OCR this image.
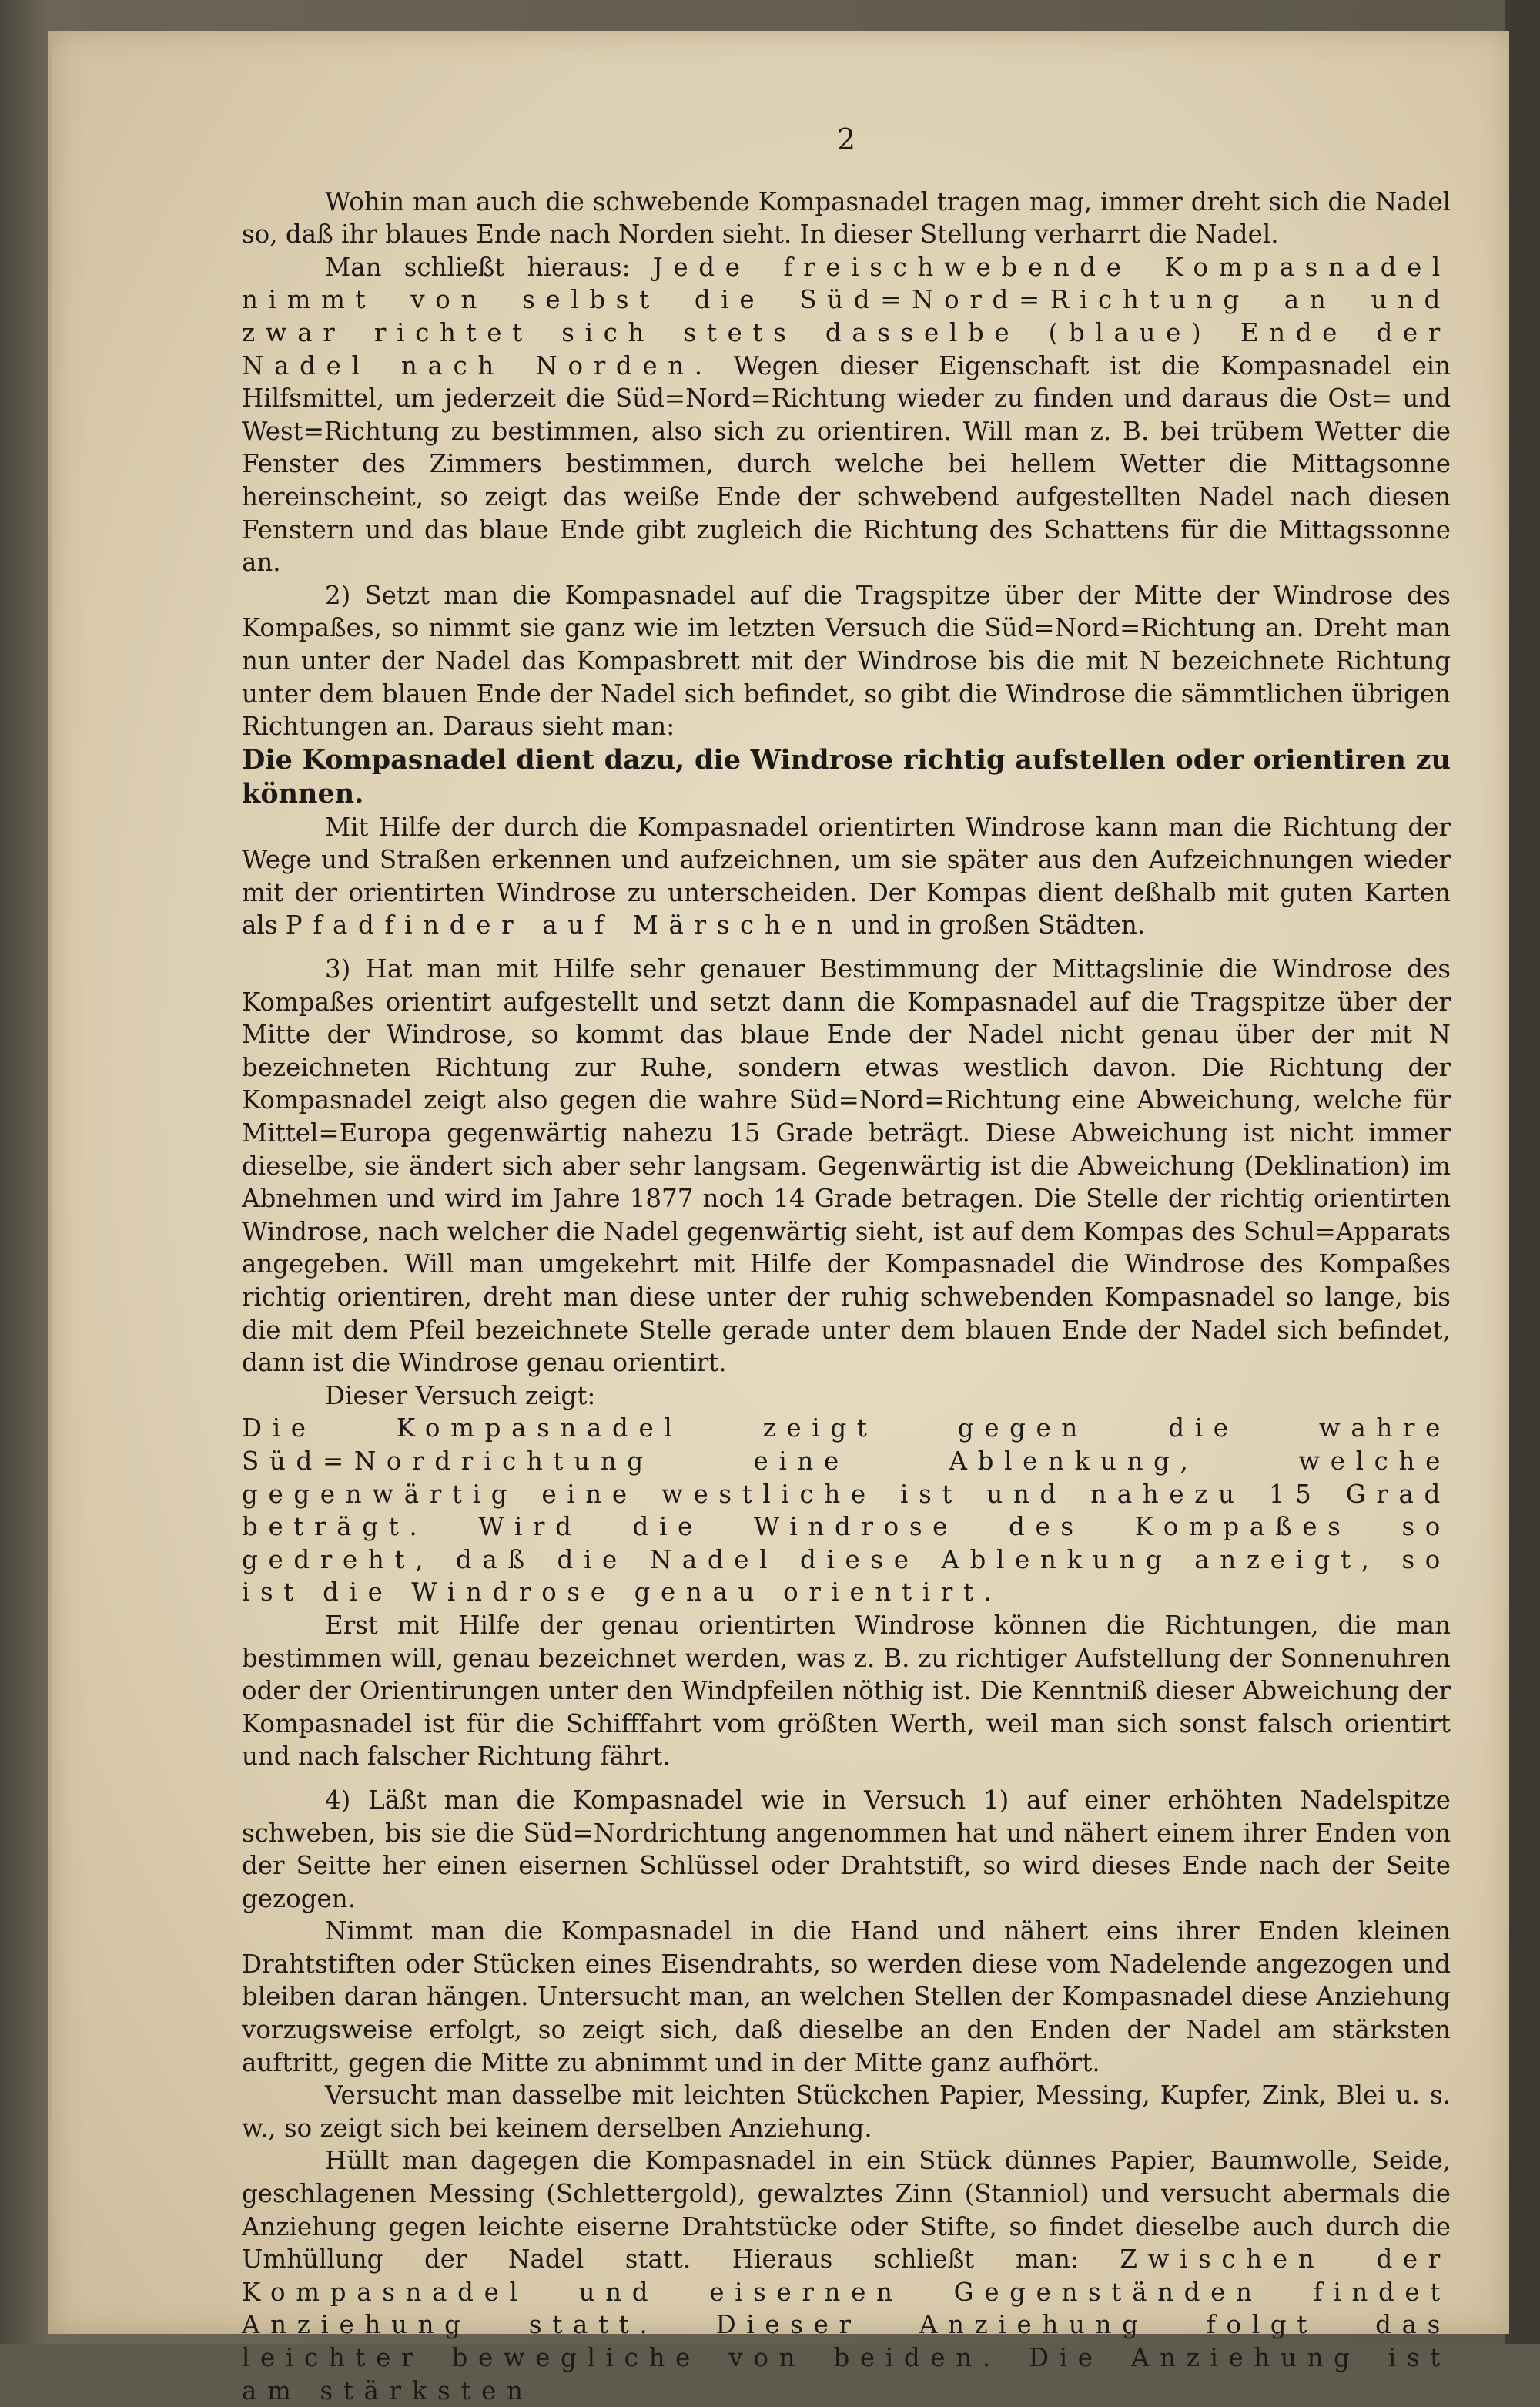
2

Wohin man auch die schwebende Kompasnadel tragen mag, immer dreht sich die Nadel so, daß ihr blaues Ende nach Norden sieht. In dieser Stellung verharrt die Nadel.

Man schließt hieraus: Jede freischwebende Kompasnadel nimmt von selbst die Süd=Nord=Richtung an und zwar richtet sich stets dasselbe (blaue) Ende der Nadel nach Norden. Wegen dieser Eigenschaft ist die Kompasnadel ein Hilfsmittel, um jederzeit die Süd=Nord=Richtung wieder zu finden und daraus die Ost= und West=Richtung zu bestimmen, also sich zu orientiren. Will man z. B. bei trübem Wetter die Fenster des Zimmers bestimmen, durch welche bei hellem Wetter die Mittagsonne hereinscheint, so zeigt das weiße Ende der schwebend aufgestellten Nadel nach diesen Fenstern und das blaue Ende gibt zugleich die Richtung des Schattens für die Mittagssonne an.

2) Setzt man die Kompasnadel auf die Tragspitze über der Mitte der Windrose des Kompaßes, so nimmt sie ganz wie im letzten Versuch die Süd=Nord=Richtung an. Dreht man nun unter der Nadel das Kompasbrett mit der Windrose bis die mit N bezeichnete Richtung unter dem blauen Ende der Nadel sich befindet, so gibt die Windrose die sämmtlichen übrigen Richtungen an. Daraus sieht man:

Die Kompasnadel dient dazu, die Windrose richtig aufstellen oder orientiren zu können.

Mit Hilfe der durch die Kompasnadel orientirten Windrose kann man die Richtung der Wege und Straßen erkennen und aufzeichnen, um sie später aus den Aufzeichnungen wieder mit der orientirten Windrose zu unterscheiden. Der Kompas dient deßhalb mit guten Karten als Pfadfinder auf Märschen und in großen Städten.

3) Hat man mit Hilfe sehr genauer Bestimmung der Mittagslinie die Windrose des Kompaßes orientirt aufgestellt und setzt dann die Kompasnadel auf die Tragspitze über der Mitte der Windrose, so kommt das blaue Ende der Nadel nicht genau über der mit N bezeichneten Richtung zur Ruhe, sondern etwas westlich davon. Die Richtung der Kompasnadel zeigt also gegen die wahre Süd=Nord=Richtung eine Abweichung, welche für Mittel=Europa gegenwärtig nahezu 15 Grade beträgt. Diese Abweichung ist nicht immer dieselbe, sie ändert sich aber sehr langsam. Gegenwärtig ist die Abweichung (Deklination) im Abnehmen und wird im Jahre 1877 noch 14 Grade betragen. Die Stelle der richtig orientirten Windrose, nach welcher die Nadel gegenwärtig sieht, ist auf dem Kompas des Schul=Apparats angegeben. Will man umgekehrt mit Hilfe der Kompasnadel die Windrose des Kompaßes richtig orientiren, dreht man diese unter der ruhig schwebenden Kompasnadel so lange, bis die mit dem Pfeil bezeichnete Stelle gerade unter dem blauen Ende der Nadel sich befindet, dann ist die Windrose genau orientirt.

Dieser Versuch zeigt:

Die Kompasnadel zeigt gegen die wahre Süd=Nordrichtung eine Ablenkung, welche gegenwärtig eine westliche ist und nahezu 15 Grad beträgt. Wird die Windrose des Kompaßes so gedreht, daß die Nadel diese Ablenkung anzeigt, so ist die Windrose genau orientirt.

Erst mit Hilfe der genau orientirten Windrose können die Richtungen, die man bestimmen will, genau bezeichnet werden, was z. B. zu richtiger Aufstellung der Sonnenuhren oder der Orientirungen unter den Windpfeilen nöthig ist. Die Kenntniß dieser Abweichung der Kompasnadel ist für die Schifffahrt vom größten Werth, weil man sich sonst falsch orientirt und nach falscher Richtung fährt.

4) Läßt man die Kompasnadel wie in Versuch 1) auf einer erhöhten Nadelspitze schweben, bis sie die Süd=Nordrichtung angenommen hat und nähert einem ihrer Enden von der Seitte her einen eisernen Schlüssel oder Drahtstift, so wird dieses Ende nach der Seite gezogen.

Nimmt man die Kompasnadel in die Hand und nähert eins ihrer Enden kleinen Drahtstiften oder Stücken eines Eisendrahts, so werden diese vom Nadelende angezogen und bleiben daran hängen. Untersucht man, an welchen Stellen der Kompasnadel diese Anziehung vorzugsweise erfolgt, so zeigt sich, daß dieselbe an den Enden der Nadel am stärksten auftritt, gegen die Mitte zu abnimmt und in der Mitte ganz aufhört.

Versucht man dasselbe mit leichten Stückchen Papier, Messing, Kupfer, Zink, Blei u. s. w., so zeigt sich bei keinem derselben Anziehung.

Hüllt man dagegen die Kompasnadel in ein Stück dünnes Papier, Baumwolle, Seide, geschlagenen Messing (Schlettergold), gewalztes Zinn (Stanniol) und versucht abermals die Anziehung gegen leichte eiserne Drahtstücke oder Stifte, so findet dieselbe auch durch die Umhüllung der Nadel statt. Hieraus schließt man: Zwischen der Kompasnadel und eisernen Gegenständen findet Anziehung statt. Dieser Anziehung folgt das leichter bewegliche von beiden. Die Anziehung ist am stärksten
